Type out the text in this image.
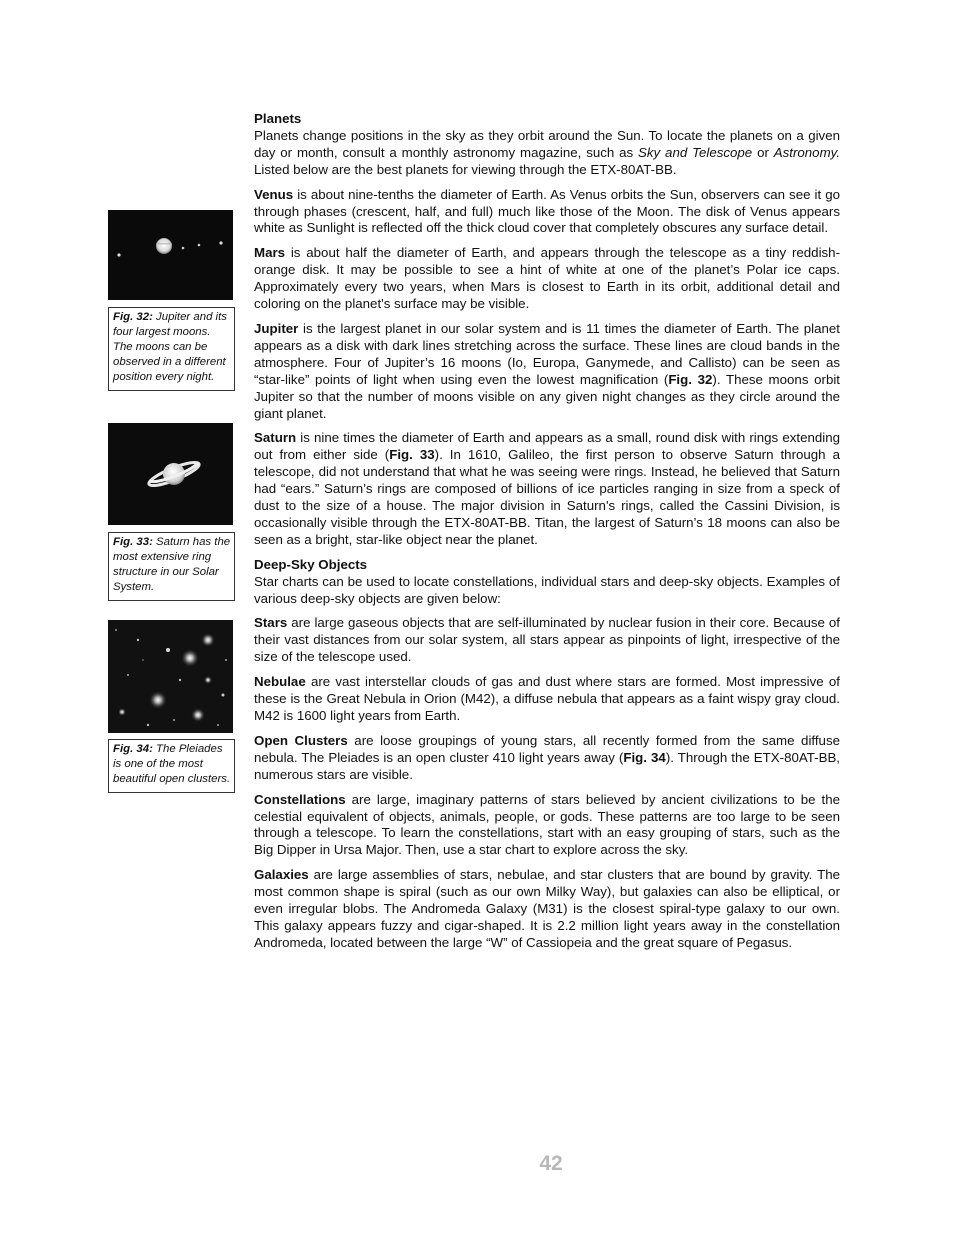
Fig. 32: Jupiter and its four largest moons. The moons can be observed in a different position every night.
Fig. 33: Saturn has the most extensive ring structure in our Solar System.
Fig. 34: The Pleiades is one of the most beautiful open clusters.
Planets

Planets change positions in the sky as they orbit around the Sun. To locate the planets on a given day or month, consult a monthly astronomy magazine, such as Sky and Telescope or Astronomy. Listed below are the best planets for viewing through the ETX-80AT-BB.

Venus is about nine-tenths the diameter of Earth. As Venus orbits the Sun, observers can see it go through phases (crescent, half, and full) much like those of the Moon. The disk of Venus appears white as Sunlight is reflected off the thick cloud cover that completely obscures any surface detail.

Mars is about half the diameter of Earth, and appears through the telescope as a tiny reddish-orange disk. It may be possible to see a hint of white at one of the planet’s Polar ice caps. Approximately every two years, when Mars is closest to Earth in its orbit, additional detail and coloring on the planet's surface may be visible.

Jupiter is the largest planet in our solar system and is 11 times the diameter of Earth. The planet appears as a disk with dark lines stretching across the surface. These lines are cloud bands in the atmosphere. Four of Jupiter’s 16 moons (Io, Europa, Ganymede, and Callisto) can be seen as “star-like” points of light when using even the lowest magnification (Fig. 32). These moons orbit Jupiter so that the number of moons visible on any given night changes as they circle around the giant planet.

Saturn is nine times the diameter of Earth and appears as a small, round disk with rings extending out from either side (Fig. 33). In 1610, Galileo, the first person to observe Saturn through a telescope, did not understand that what he was seeing were rings. Instead, he believed that Saturn had “ears.” Saturn’s rings are composed of billions of ice particles ranging in size from a speck of dust to the size of a house. The major division in Saturn's rings, called the Cassini Division, is occasionally visible through the ETX-80AT-BB. Titan, the largest of Saturn’s 18 moons can also be seen as a bright, star-like object near the planet.

Deep-Sky Objects

Star charts can be used to locate constellations, individual stars and deep-sky objects. Examples of various deep-sky objects are given below:

Stars are large gaseous objects that are self-illuminated by nuclear fusion in their core. Because of their vast distances from our solar system, all stars appear as pinpoints of light, irrespective of the size of the telescope used.

Nebulae are vast interstellar clouds of gas and dust where stars are formed. Most impressive of these is the Great Nebula in Orion (M42), a diffuse nebula that appears as a faint wispy gray cloud. M42 is 1600 light years from Earth.

Open Clusters are loose groupings of young stars, all recently formed from the same diffuse nebula. The Pleiades is an open cluster 410 light years away (Fig. 34). Through the ETX-80AT-BB, numerous stars are visible.

Constellations are large, imaginary patterns of stars believed by ancient civilizations to be the celestial equivalent of objects, animals, people, or gods. These patterns are too large to be seen through a telescope. To learn the constellations, start with an easy grouping of stars, such as the Big Dipper in Ursa Major. Then, use a star chart to explore across the sky.

Galaxies are large assemblies of stars, nebulae, and star clusters that are bound by gravity. The most common shape is spiral (such as our own Milky Way), but galaxies can also be elliptical, or even irregular blobs. The Andromeda Galaxy (M31) is the closest spiral-type galaxy to our own. This galaxy appears fuzzy and cigar-shaped. It is 2.2 million light years away in the constellation Andromeda, located between the large “W” of Cassiopeia and the great square of Pegasus.

42
